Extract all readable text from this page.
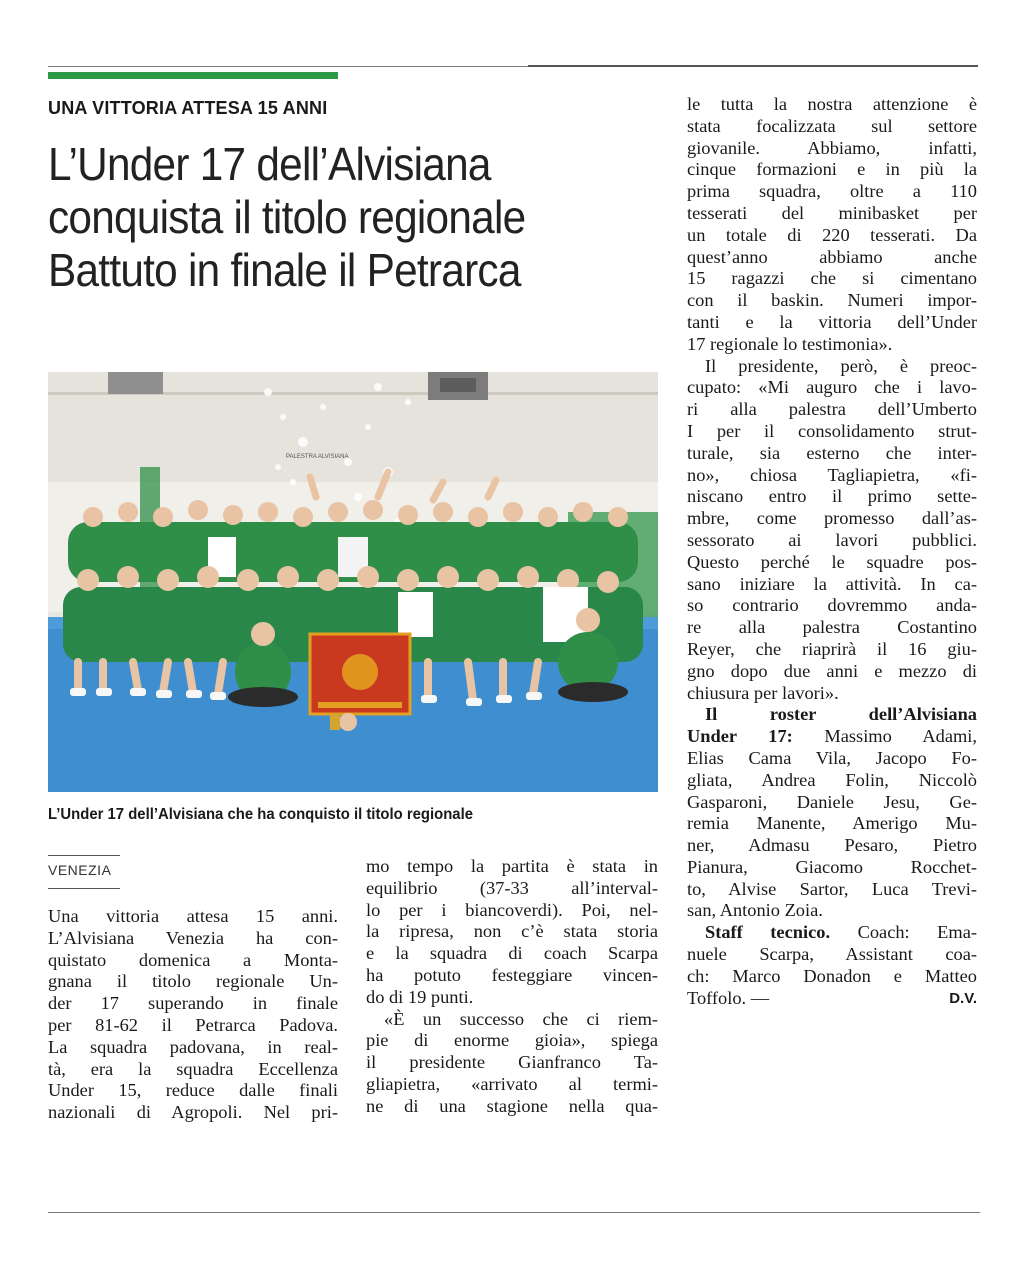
UNA VITTORIA ATTESA 15 ANNI
L’Under 17 dell’Alvisiana
conquista il titolo regionale
Battuto in finale il Petrarca
PALESTRA ALVISIANA
L’Under 17 dell’Alvisiana che ha conquisto il titolo regionale
VENEZIA
Una vittoria attesa 15 anni.
L’Alvisiana Venezia ha con-
quistato domenica a Monta-
gnana il titolo regionale Un-
der 17 superando in finale
per 81-62 il Petrarca Padova.
La squadra padovana, in real-
tà, era la squadra Eccellenza
Under 15, reduce dalle finali
nazionali di Agropoli. Nel pri-
mo tempo la partita è stata in
equilibrio (37-33 all’interval-
lo per i biancoverdi). Poi, nel-
la ripresa, non c’è stata storia
e la squadra di coach Scarpa
ha potuto festeggiare vincen-
do di 19 punti.
«È un successo che ci riem-
pie di enorme gioia», spiega
il presidente Gianfranco Ta-
gliapietra, «arrivato al termi-
ne di una stagione nella qua-
le tutta la nostra attenzione è
stata focalizzata sul settore
giovanile. Abbiamo, infatti,
cinque formazioni e in più la
prima squadra, oltre a 110
tesserati del minibasket per
un totale di 220 tesserati. Da
quest’anno abbiamo anche
15 ragazzi che si cimentano
con il baskin. Numeri impor-
tanti e la vittoria dell’Under
17 regionale lo testimonia».
Il presidente, però, è preoc-
cupato: «Mi auguro che i lavo-
ri alla palestra dell’Umberto
I per il consolidamento strut-
turale, sia esterno che inter-
no», chiosa Tagliapietra, «fi-
niscano entro il primo sette-
mbre, come promesso dall’as-
sessorato ai lavori pubblici.
Questo perché le squadre pos-
sano iniziare la attività. In ca-
so contrario dovremmo anda-
re alla palestra Costantino
Reyer, che riaprirà il 16 giu-
gno dopo due anni e mezzo di
chiusura per lavori».
Il roster dell’Alvisiana
Under 17: Massimo Adami,
Elias Cama Vila, Jacopo Fo-
gliata, Andrea Folin, Niccolò
Gasparoni, Daniele Jesu, Ge-
remia Manente, Amerigo Mu-
ner, Admasu Pesaro, Pietro
Pianura, Giacomo Rocchet-
to, Alvise Sartor, Luca Trevi-
san, Antonio Zoia.
Staff tecnico. Coach: Ema-
nuele Scarpa, Assistant coa-
ch: Marco Donadon e Matteo
Toffolo. —	D.V.
